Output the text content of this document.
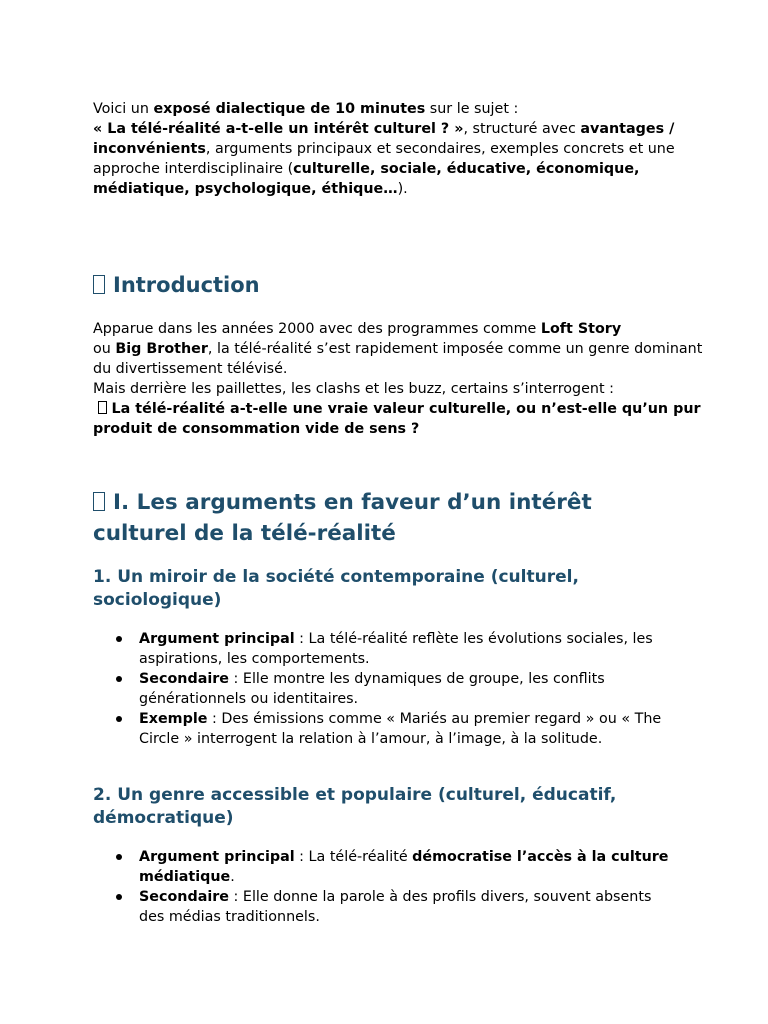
Voici un exposé dialectique de 10 minutes sur le sujet :
« La télé-réalité a-t-elle un intérêt culturel ? », structuré avec avantages / inconvénients, arguments principaux et secondaires, exemples concrets et une approche interdisciplinaire (culturelle, sociale, éducative, économique, médiatique, psychologique, éthique…).

Introduction

Apparue dans les années 2000 avec des programmes comme Loft Story
ou Big Brother, la télé-réalité s’est rapidement imposée comme un genre dominant du divertissement télévisé.
Mais derrière les paillettes, les clashs et les buzz, certains s’interrogent :
La télé-réalité a-t-elle une vraie valeur culturelle, ou n’est-elle qu’un pur produit de consommation vide de sens ?

I. Les arguments en faveur d’un intérêt culturel de la télé-réalité
1. Un miroir de la société contemporaine (culturel, sociologique)
Argument principal : La télé-réalité reflète les évolutions sociales, les aspirations, les comportements.
Secondaire : Elle montre les dynamiques de groupe, les conflits générationnels ou identitaires.
Exemple : Des émissions comme « Mariés au premier regard » ou « The Circle » interrogent la relation à l’amour, à l’image, à la solitude.
2. Un genre accessible et populaire (culturel, éducatif, démocratique)
Argument principal : La télé-réalité démocratise l’accès à la culture médiatique.
Secondaire : Elle donne la parole à des profils divers, souvent absents des médias traditionnels.
